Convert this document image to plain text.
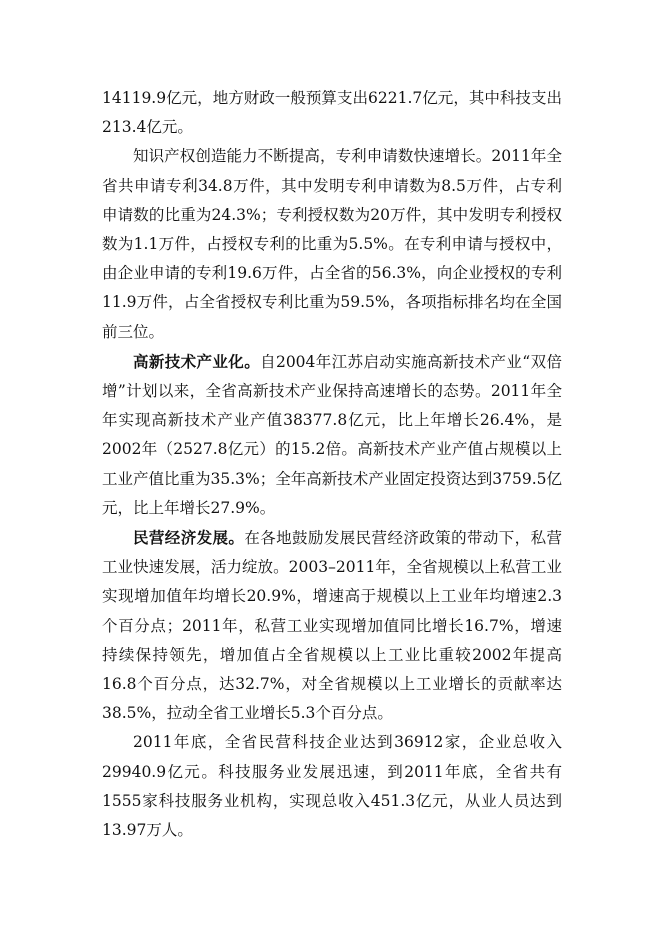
14119.9亿元，地方财政一般预算支出6221.7亿元，其中科技支出213.4亿元。

知识产权创造能力不断提高，专利申请数快速增长。2011年全省共申请专利34.8万件，其中发明专利申请数为8.5万件，占专利申请数的比重为24.3%；专利授权数为20万件，其中发明专利授权数为1.1万件，占授权专利的比重为5.5%。在专利申请与授权中，由企业申请的专利19.6万件，占全省的56.3%，向企业授权的专利11.9万件，占全省授权专利比重为59.5%，各项指标排名均在全国前三位。

高新技术产业化。自2004年江苏启动实施高新技术产业“双倍增”计划以来，全省高新技术产业保持高速增长的态势。2011年全年实现高新技术产业产值38377.8亿元，比上年增长26.4%，是2002年（2527.8亿元）的15.2倍。高新技术产业产值占规模以上工业产值比重为35.3%；全年高新技术产业固定投资达到3759.5亿元，比上年增长27.9%。

民营经济发展。在各地鼓励发展民营经济政策的带动下，私营工业快速发展，活力绽放。2003–2011年，全省规模以上私营工业实现增加值年均增长20.9%，增速高于规模以上工业年均增速2.3个百分点；2011年，私营工业实现增加值同比增长16.7%，增速持续保持领先，增加值占全省规模以上工业比重较2002年提高16.8个百分点，达32.7%，对全省规模以上工业增长的贡献率达38.5%，拉动全省工业增长5.3个百分点。

2011年底，全省民营科技企业达到36912家，企业总收入29940.9亿元。科技服务业发展迅速，到2011年底，全省共有1555家科技服务业机构，实现总收入451.3亿元，从业人员达到13.97万人。
